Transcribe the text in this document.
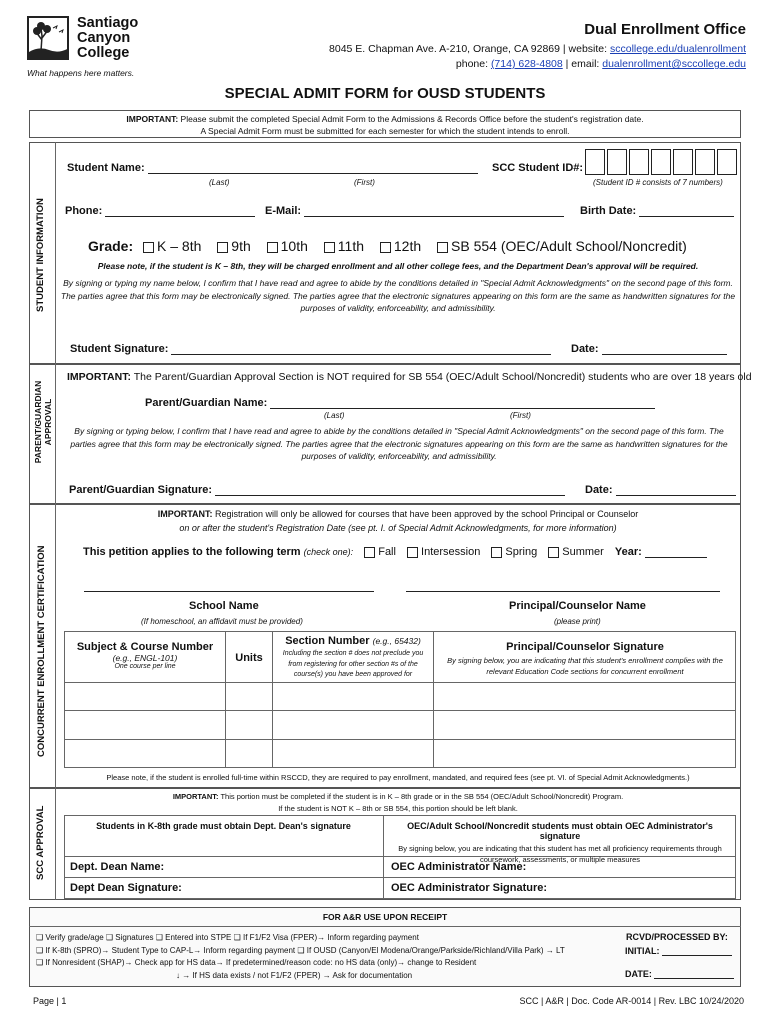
Santiago
Canyon
College
What happens here matters.
Dual Enrollment Office
8045 E. Chapman Ave. A-210, Orange, CA 92869 | website: sccollege.edu/dualenrollment
phone: (714) 628-4808 | email: dualenrollment@sccollege.edu
SPECIAL ADMIT FORM for OUSD STUDENTS
IMPORTANT: Please submit the completed Special Admit Form to the Admissions & Records Office before the student's registration date.
A Special Admit Form must be submitted for each semester for which the student intends to enroll.
STUDENT INFORMATION
Student Name:
(Last)	(First)
SCC Student ID#:
(Student ID # consists of 7 numbers)
Phone:	E-Mail:	Birth Date:
Grade: K – 8th 9th 10th 11th 12th SB 554 (OEC/Adult School/Noncredit)
Please note, if the student is K – 8th, they will be charged enrollment and all other college fees, and the Department Dean's approval will be required.
By signing or typing my name below, I confirm that I have read and agree to abide by the conditions detailed in "Special Admit Acknowledgments" on the second page of this form. The parties agree that this form may be electronically signed. The parties agree that the electronic signatures appearing on this form are the same as handwritten signatures for the purposes of validity, enforceability, and admissibility.
Student Signature:	Date:
PARENT/GUARDIAN APPROVAL
IMPORTANT: The Parent/Guardian Approval Section is NOT required for SB 554 (OEC/Adult School/Noncredit) students who are over 18 years old
Parent/Guardian Name:
(Last)	(First)
By signing or typing below, I confirm that I have read and agree to abide by the conditions detailed in "Special Admit Acknowledgments" on the second page of this form. The parties agree that this form may be electronically signed. The parties agree that the electronic signatures appearing on this form are the same as handwritten signatures for the purposes of validity, enforceability, and admissibility.
Parent/Guardian Signature:	Date:
CONCURRENT ENROLLMENT CERTIFICATION
IMPORTANT: Registration will only be allowed for courses that have been approved by the school Principal or Counselor
on or after the student's Registration Date (see pt. I. of Special Admit Acknowledgments, for more information)
This petition applies to the following term (check one): Fall Intersession Spring Summer Year:
School Name
(If homeschool, an affidavit must be provided)
Principal/Counselor Name
(please print)
Subject & Course Number
(e.g., ENGL-101)
One course per line
Units
Section Number (e.g., 65432)
Including the section # does not preclude you from registering for other section #s of the course(s) you have been approved for
Principal/Counselor Signature
By signing below, you are indicating that this student's enrollment complies with the relevant Education Code sections for concurrent enrollment
Please note, if the student is enrolled full-time within RSCCD, they are required to pay enrollment, mandated, and required fees (see pt. VI. of Special Admit Acknowledgments.)
SCC APPROVAL
IMPORTANT: This portion must be completed if the student is in K – 8th grade or in the SB 554 (OEC/Adult School/Noncredit) Program.
If the student is NOT K – 8th or SB 554, this portion should be left blank.
Students in K-8th grade must obtain Dept. Dean's signature	OEC/Adult School/Noncredit students must obtain OEC Administrator's signature
By signing below, you are indicating that this student has met all proficiency requirements through coursework, assessments, or multiple measures
Dept. Dean Name:
Dept Dean Signature:
OEC Administrator Name:
OEC Administrator Signature:
FOR A&R USE UPON RECEIPT
❑ Verify grade/age ❑ Signatures ❑ Entered into STPE ❑ If F1/F2 Visa (FPER)→ Inform regarding payment
❑ If K-8th (SPRO)→ Student Type to CAP-L→ Inform regarding payment ❑ If OUSD (Canyon/El Modena/Orange/Parkside/Richland/Villa Park) → LT
❑ If Nonresident (SHAP)→ Check app for HS data→ If predetermined/reason code: no HS data (only)→ change to Resident
↓ → If HS data exists / not F1/F2 (FPER) → Ask for documentation
RCVD/PROCESSED BY:
INITIAL:
DATE:
Page | 1	SCC | A&R | Doc. Code AR-0014 | Rev. LBC 10/24/2020
